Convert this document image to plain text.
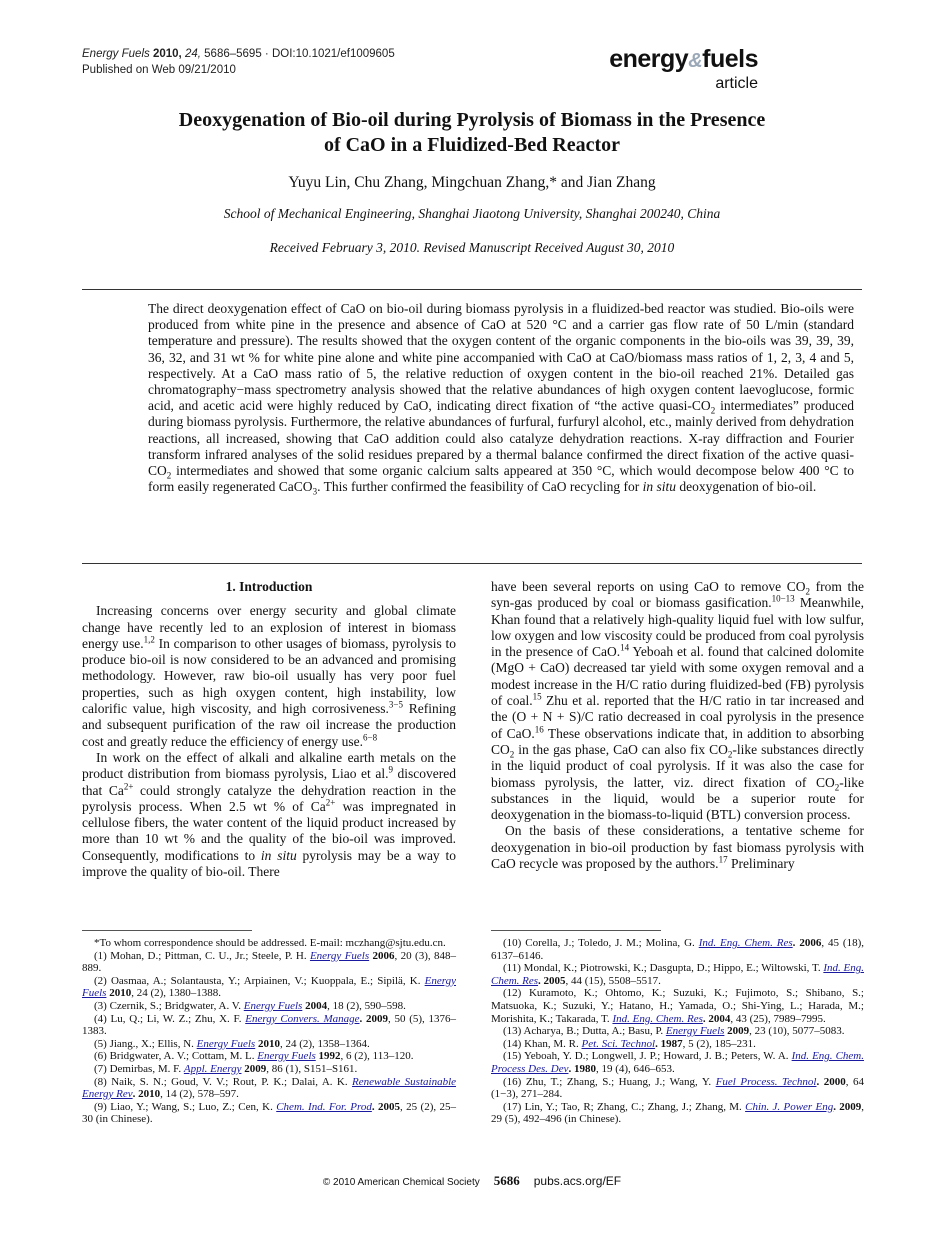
Energy Fuels 2010, 24, 5686–5695 · DOI:10.1021/ef1009605
Published on Web 09/21/2010	energy&fuels
article
Deoxygenation of Bio-oil during Pyrolysis of Biomass in the Presence
of CaO in a Fluidized-Bed Reactor
Yuyu Lin, Chu Zhang, Mingchuan Zhang,* and Jian Zhang
School of Mechanical Engineering, Shanghai Jiaotong University, Shanghai 200240, China
Received February 3, 2010. Revised Manuscript Received August 30, 2010
The direct deoxygenation effect of CaO on bio-oil during biomass pyrolysis in a fluidized-bed reactor was studied. Bio-oils were produced from white pine in the presence and absence of CaO at 520 °C and a carrier gas flow rate of 50 L/min (standard temperature and pressure). The results showed that the oxygen content of the organic components in the bio-oils was 39, 39, 39, 36, 32, and 31 wt % for white pine alone and white pine accompanied with CaO at CaO/biomass mass ratios of 1, 2, 3, 4 and 5, respectively. At a CaO mass ratio of 5, the relative reduction of oxygen content in the bio-oil reached 21%. Detailed gas chromatography−mass spectrometry analysis showed that the relative abundances of high oxygen content laevoglucose, formic acid, and acetic acid were highly reduced by CaO, indicating direct fixation of “the active quasi-$CO_2$ intermediates” produced during biomass pyrolysis. Furthermore, the relative abundances of furfural, furfuryl alcohol, etc., mainly derived from dehydration reactions, all increased, showing that CaO addition could also catalyze dehydration reactions. X-ray diffraction and Fourier transform infrared analyses of the solid residues prepared by a thermal balance confirmed the direct fixation of the active quasi-$CO_2$ intermediates and showed that some organic calcium salts appeared at 350 °C, which would decompose below 400 °C to form easily regenerated CaCO$_3$. This further confirmed the feasibility of CaO recycling for in situ deoxygenation of bio-oil.

1. Introduction

Increasing concerns over energy security and global climate change have recently led to an explosion of interest in biomass energy use.$^{1,2}$ In comparison to other usages of biomass, pyrolysis to produce bio-oil is now considered to be an advanced and promising methodology. However, raw bio-oil usually has very poor fuel properties, such as high oxygen content, high instability, low calorific value, high viscosity, and high corrosiveness.$^{3-5}$ Refining and subsequent purification of the raw oil increase the production cost and greatly reduce the efficiency of energy use.$^{6-8}$

In work on the effect of alkali and alkaline earth metals on the product distribution from biomass pyrolysis, Liao et al.$^9$ discovered that $Ca^{2+}$ could strongly catalyze the dehydration reaction in the pyrolysis process. When 2.5 wt % of $Ca^{2+}$ was impregnated in cellulose fibers, the water content of the liquid product increased by more than 10 wt % and the quality of the bio-oil was improved. Consequently, modifications to in situ pyrolysis may be a way to improve the quality of bio-oil. There

have been several reports on using CaO to remove $CO_2$ from the syn-gas produced by coal or biomass gasification.$^{10-13}$ Meanwhile, Khan found that a relatively high-quality liquid fuel with low sulfur, low oxygen and low viscosity could be produced from coal pyrolysis in the presence of CaO.$^{14}$ Yeboah et al. found that calcined dolomite (MgO + CaO) decreased tar yield with some oxygen removal and a modest increase in the H/C ratio during fluidized-bed (FB) pyrolysis of coal.$^{15}$ Zhu et al. reported that the H/C ratio in tar increased and the (O + N + S)/C ratio decreased in coal pyrolysis in the presence of CaO.$^{16}$ These observations indicate that, in addition to absorbing $CO_2$ in the gas phase, CaO can also fix $CO_2$-like substances directly in the liquid product of coal pyrolysis. If it was also the case for biomass pyrolysis, the latter, viz. direct fixation of $CO_2$-like substances in the liquid, would be a superior route for deoxygenation in the biomass-to-liquid (BTL) conversion process.

On the basis of these considerations, a tentative scheme for deoxygenation in bio-oil production by fast biomass pyrolysis with CaO recycle was proposed by the authors.$^{17}$ Preliminary

*To whom correspondence should be addressed. E-mail: mczhang@sjtu.edu.cn.

(1) Mohan, D.; Pittman, C. U., Jr.; Steele, P. H. Energy Fuels 2006, 20 (3), 848–889.

(2) Oasmaa, A.; Solantausta, Y.; Arpiainen, V.; Kuoppala, E.; Sipilä, K. Energy Fuels 2010, 24 (2), 1380–1388.

(3) Czernik, S.; Bridgwater, A. V. Energy Fuels 2004, 18 (2), 590–598.

(4) Lu, Q.; Li, W. Z.; Zhu, X. F. Energy Convers. Manage. 2009, 50 (5), 1376–1383.

(5) Jiang., X.; Ellis, N. Energy Fuels 2010, 24 (2), 1358–1364.

(6) Bridgwater, A. V.; Cottam, M. L. Energy Fuels 1992, 6 (2), 113–120.

(7) Demirbas, M. F. Appl. Energy 2009, 86 (1), S151–S161.

(8) Naik, S. N.; Goud, V. V.; Rout, P. K.; Dalai, A. K. Renewable Sustainable Energy Rev. 2010, 14 (2), 578–597.

(9) Liao, Y.; Wang, S.; Luo, Z.; Cen, K. Chem. Ind. For. Prod. 2005, 25 (2), 25–30 (in Chinese).

(10) Corella, J.; Toledo, J. M.; Molina, G. Ind. Eng. Chem. Res. 2006, 45 (18), 6137–6146.

(11) Mondal, K.; Piotrowski, K.; Dasgupta, D.; Hippo, E.; Wiltowski, T. Ind. Eng. Chem. Res. 2005, 44 (15), 5508–5517.

(12) Kuramoto, K.; Ohtomo, K.; Suzuki, K.; Fujimoto, S.; Shibano, S.; Matsuoka, K.; Suzuki, Y.; Hatano, H.; Yamada, O.; Shi-Ying, L.; Harada, M.; Morishita, K.; Takarada, T. Ind. Eng. Chem. Res. 2004, 43 (25), 7989–7995.

(13) Acharya, B.; Dutta, A.; Basu, P. Energy Fuels 2009, 23 (10), 5077–5083.

(14) Khan, M. R. Pet. Sci. Technol. 1987, 5 (2), 185–231.

(15) Yeboah, Y. D.; Longwell, J. P.; Howard, J. B.; Peters, W. A. Ind. Eng. Chem. Process Des. Dev. 1980, 19 (4), 646–653.

(16) Zhu, T.; Zhang, S.; Huang, J.; Wang, Y. Fuel Process. Technol. 2000, 64 (1−3), 271–284.

(17) Lin, Y.; Tao, R; Zhang, C.; Zhang, J.; Zhang, M. Chin. J. Power Eng. 2009, 29 (5), 492–496 (in Chinese).

© 2010 American Chemical Society 5686 pubs.acs.org/EF
